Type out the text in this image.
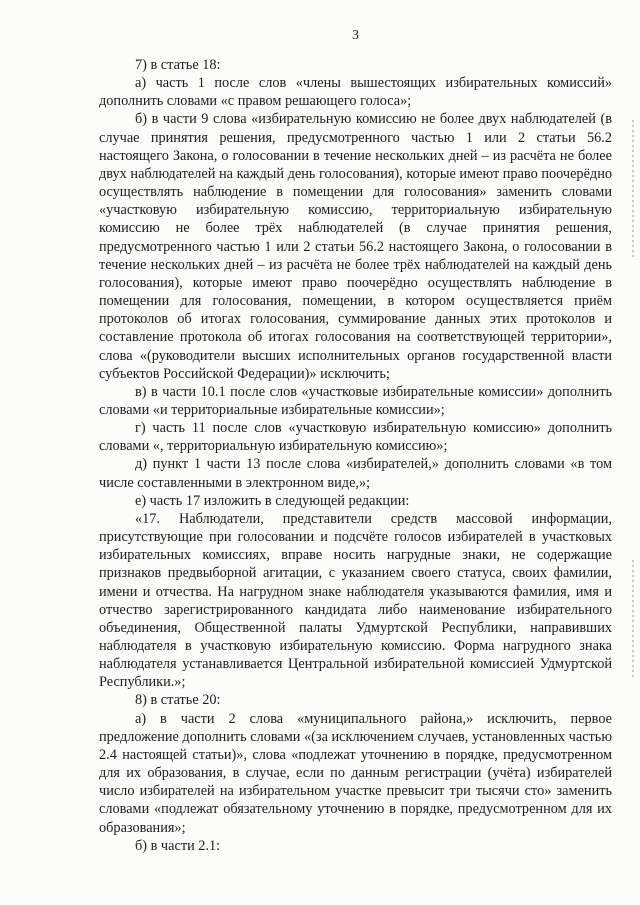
3

7) в статье 18:

а) часть 1 после слов «члены вышестоящих избирательных комиссий» дополнить словами «с правом решающего голоса»;

б) в части 9 слова «избирательную комиссию не более двух наблюдателей (в случае принятия решения, предусмотренного частью 1 или 2 статьи 56.2 настоящего Закона, о голосовании в течение нескольких дней – из расчёта не более двух наблюдателей на каждый день голосования), которые имеют право поочерёдно осуществлять наблюдение в помещении для голосования» заменить словами «участковую избирательную комиссию, территориальную избирательную комиссию не более трёх наблюдателей (в случае принятия решения, предусмотренного частью 1 или 2 статьи 56.2 настоящего Закона, о голосовании в течение нескольких дней – из расчёта не более трёх наблюдателей на каждый день голосования), которые имеют право поочерёдно осуществлять наблюдение в помещении для голосования, помещении, в котором осуществляется приём протоколов об итогах голосования, суммирование данных этих протоколов и составление протокола об итогах голосования на соответствующей территории», слова «(руководители высших исполнительных органов государственной власти субъектов Российской Федерации)» исключить;

в) в части 10.1 после слов «участковые избирательные комиссии» дополнить словами «и территориальные избирательные комиссии»;

г) часть 11 после слов «участковую избирательную комиссию» дополнить словами «, территориальную избирательную комиссию»;

д) пункт 1 части 13 после слова «избирателей,» дополнить словами «в том числе составленными в электронном виде,»;

е) часть 17 изложить в следующей редакции:

«17. Наблюдатели, представители средств массовой информации, присутствующие при голосовании и подсчёте голосов избирателей в участковых избирательных комиссиях, вправе носить нагрудные знаки, не содержащие признаков предвыборной агитации, с указанием своего статуса, своих фамилии, имени и отчества. На нагрудном знаке наблюдателя указываются фамилия, имя и отчество зарегистрированного кандидата либо наименование избирательного объединения, Общественной палаты Удмуртской Республики, направивших наблюдателя в участковую избирательную комиссию. Форма нагрудного знака наблюдателя устанавливается Центральной избирательной комиссией Удмуртской Республики.»;

8) в статье 20:

а) в части 2 слова «муниципального района,» исключить, первое предложение дополнить словами «(за исключением случаев, установленных частью 2.4 настоящей статьи)», слова «подлежат уточнению в порядке, предусмотренном для их образования, в случае, если по данным регистрации (учёта) избирателей число избирателей на избирательном участке превысит три тысячи сто» заменить словами «подлежат обязательному уточнению в порядке, предусмотренном для их образования»;

б) в части 2.1:
